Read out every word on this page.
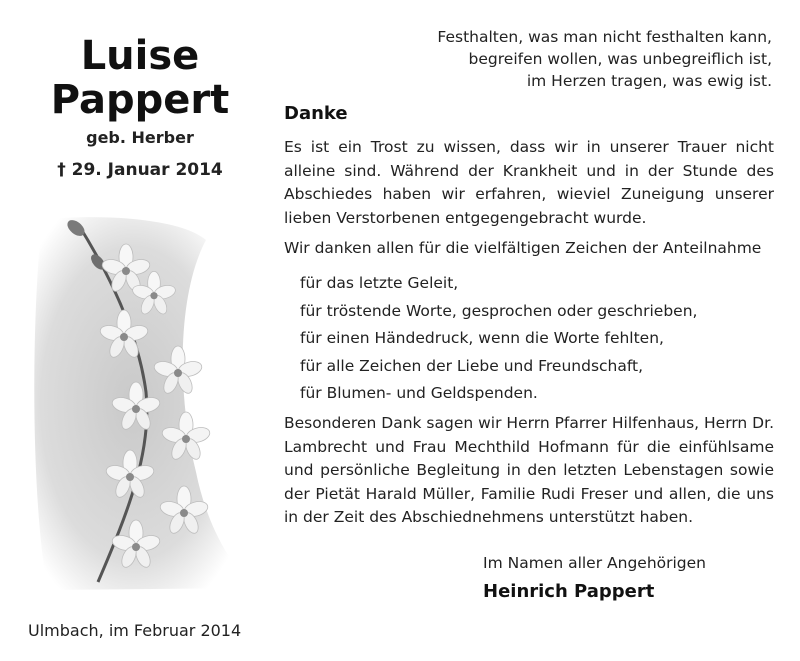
Luise
Pappert
geb. Herber
† 29. Januar 2014
Ulmbach, im Februar 2014
Festhalten, was man nicht festhalten kann,
begreifen wollen, was unbegreiflich ist,
im Herzen tragen, was ewig ist.
Danke
Es ist ein Trost zu wissen, dass wir in unserer Trauer nicht alleine sind. Während der Krankheit und in der Stunde des Abschiedes haben wir erfahren, wieviel Zuneigung unserer lieben Verstorbenen entgegengebracht wurde.
Wir danken allen für die vielfältigen Zeichen der Anteilnahme
für das letzte Geleit,
für tröstende Worte, gesprochen oder geschrieben,
für einen Händedruck, wenn die Worte fehlten,
für alle Zeichen der Liebe und Freundschaft,
für Blumen- und Geldspenden.
Besonderen Dank sagen wir Herrn Pfarrer Hilfenhaus, Herrn Dr. Lambrecht und Frau Mechthild Hofmann für die einfühlsame und persönliche Begleitung in den letzten Lebenstagen sowie der Pietät Harald Müller, Familie Rudi Freser und allen, die uns in der Zeit des Abschiednehmens unterstützt haben.
Im Namen aller Angehörigen
Heinrich Pappert
